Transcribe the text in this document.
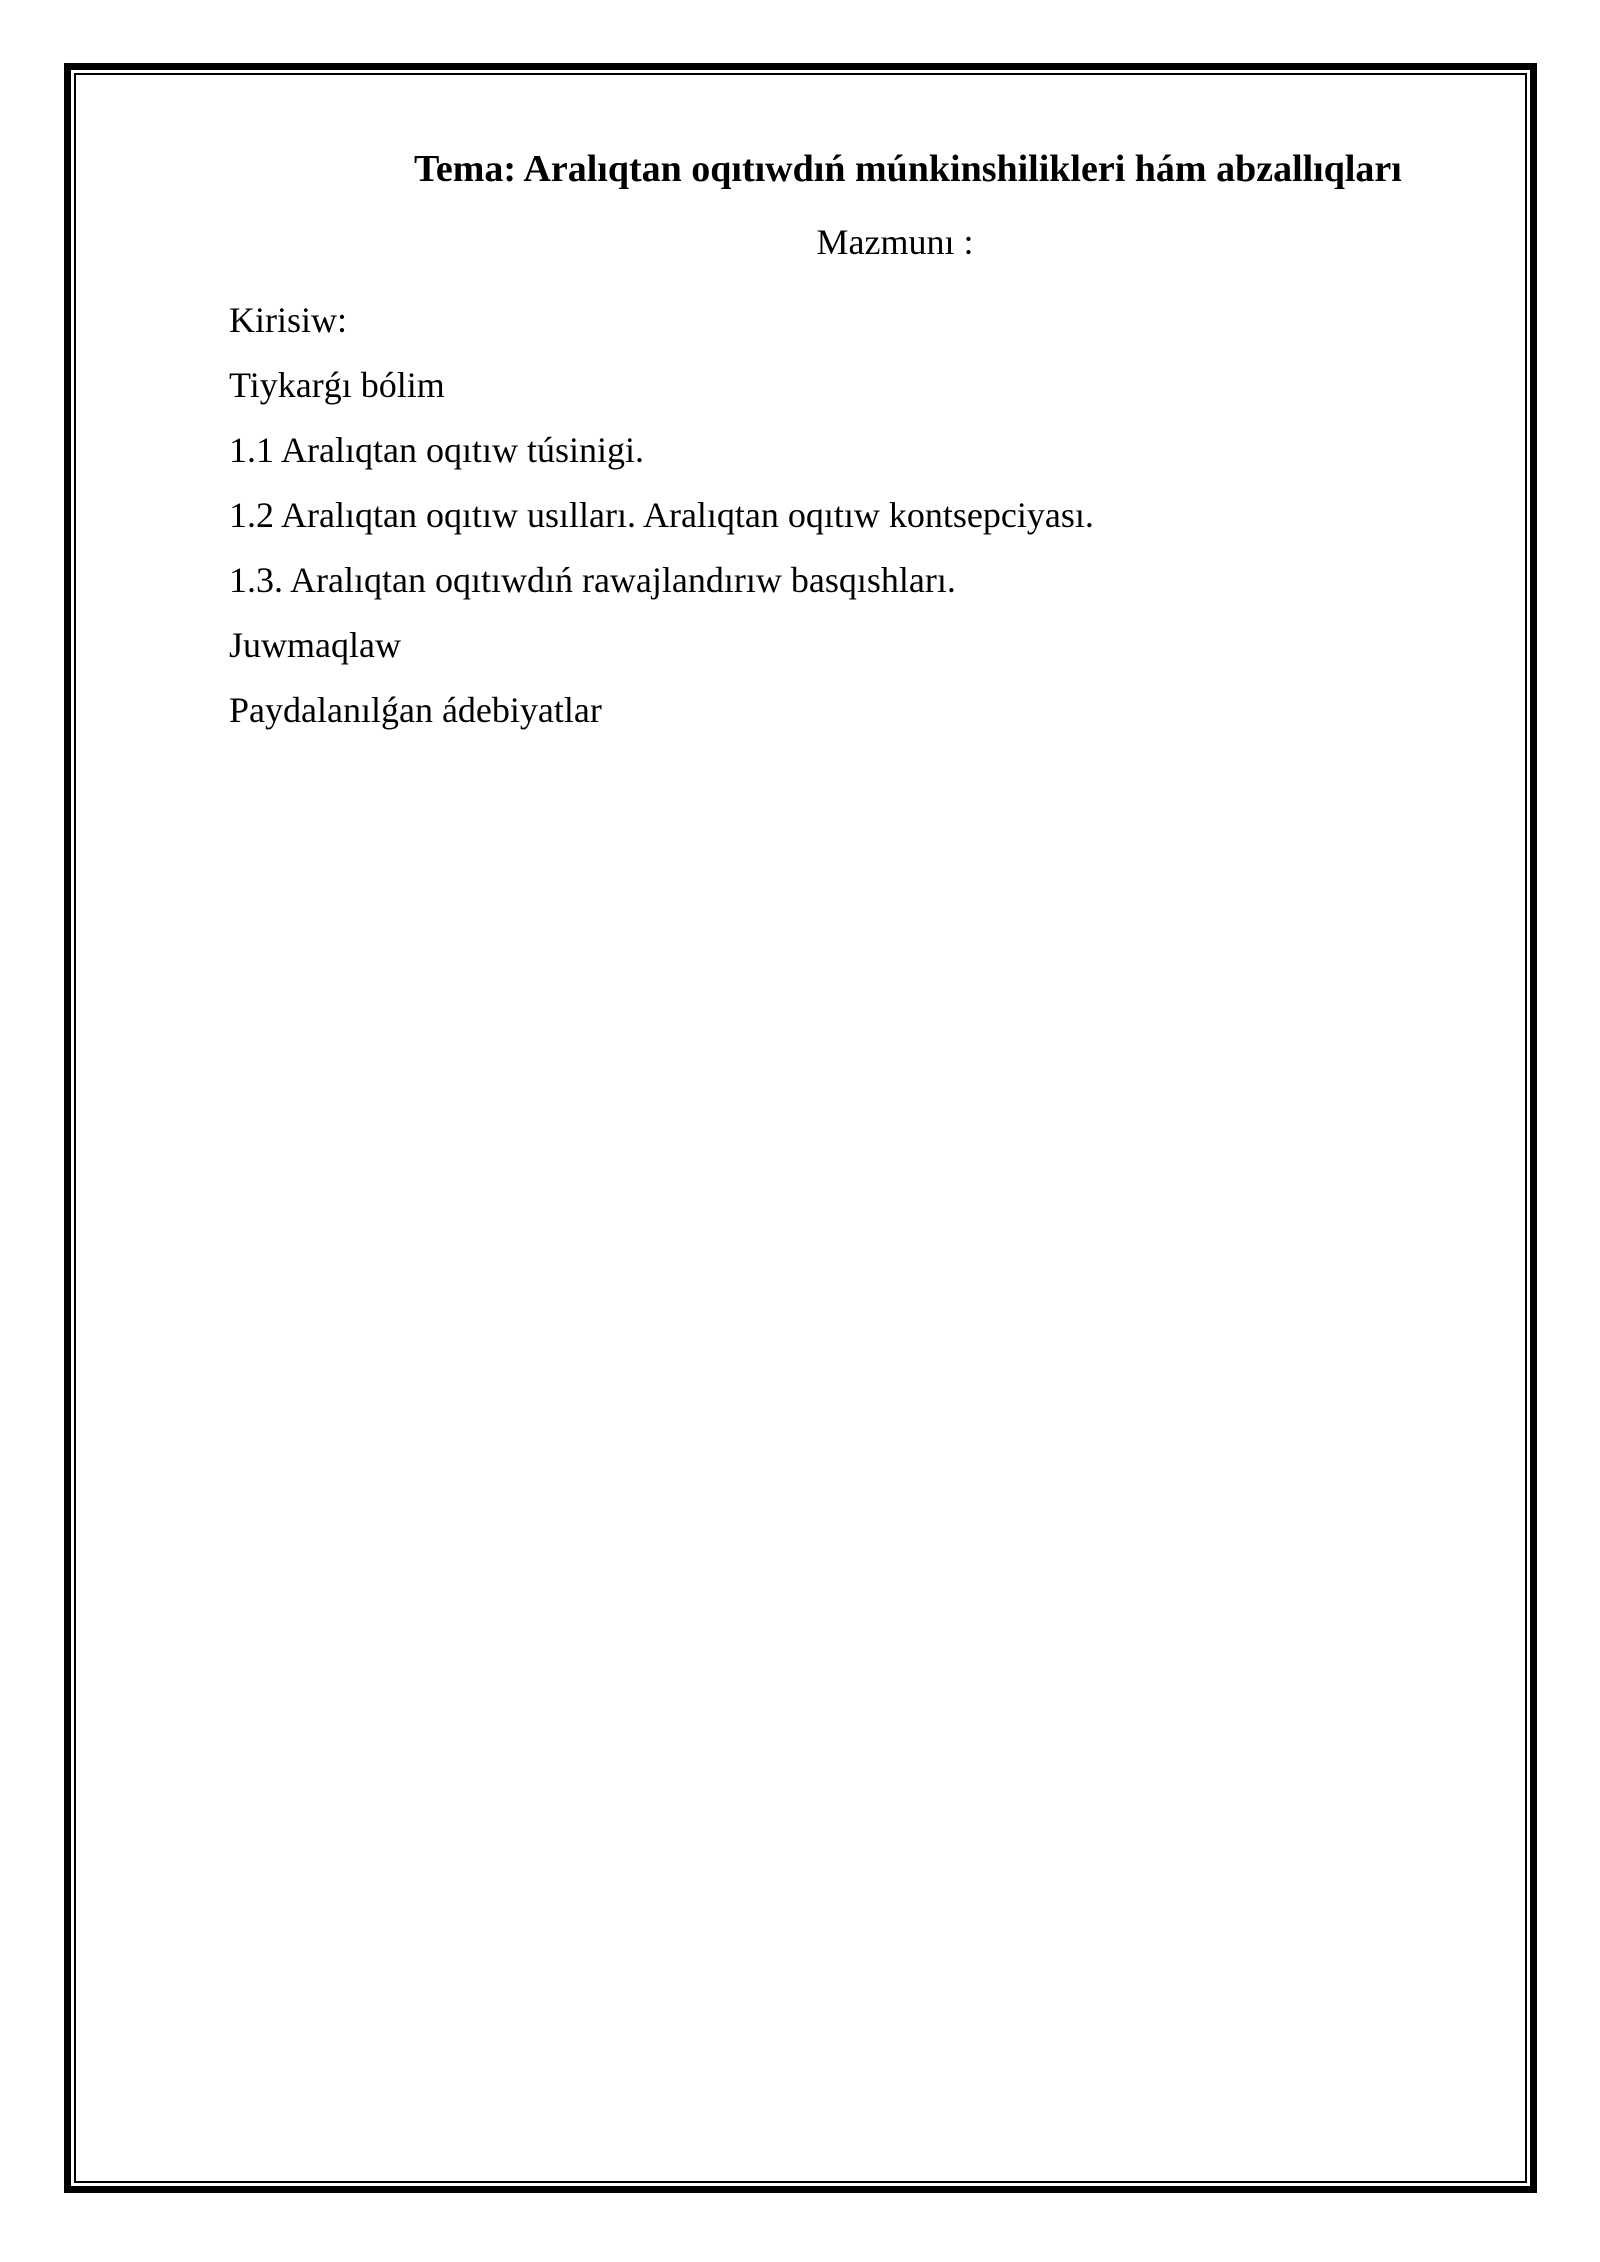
Tema: Aralıqtan oqıtıwdıń múnkinshilikleri hám abzallıqları
Mazmunı :
Kirisiw:
Tiykarǵı bólim
1.1 Aralıqtan oqıtıw túsinigi.
1.2 Aralıqtan oqıtıw usılları. Aralıqtan oqıtıw kontsepciyası.
1.3. Aralıqtan oqıtıwdıń rawajlandırıw basqıshları.
Juwmaqlaw
Paydalanılǵan ádebiyatlar
